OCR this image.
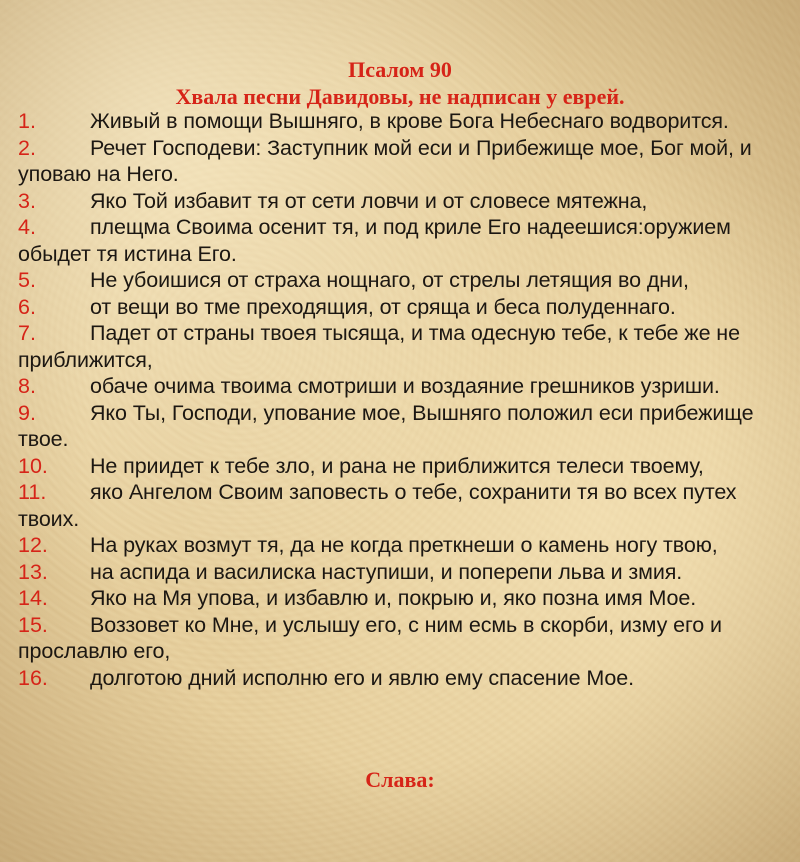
Псалом 90
Хвала песни Давидовы, не надписан у еврей.
1.	Живый в помощи Вышняго, в крове Бога Небеснаго водворится.
2.	Речет Господеви: Заступник мой еси и Прибежище мое, Бог мой, и уповаю на Него.
3.	Яко Той избавит тя от сети ловчи и от словесе мятежна,
4.	плещма Своима осенит тя, и под криле Его надеешися:оружием обыдет тя истина Его.
5.	Не убоишися от страха нощнаго, от стрелы летящия во дни,
6.	от вещи во тме преходящия, от сряща и беса полуденнаго.
7.	Падет от страны твоея тысяща, и тма одесную тебе, к тебе же не приближится,
8.	обаче очима твоима смотриши и воздаяние грешников узриши.
9.	Яко Ты, Господи, упование мое, Вышняго положил еси прибежище твое.
10. Не приидет к тебе зло, и рана не приближится телеси твоему,
11. яко Ангелом Своим заповесть о тебе, сохранити тя во всех путех твоих.
12. На руках возмут тя, да не когда преткнеши о камень ногу твою,
13. на аспида и василиска наступиши, и поперепи льва и змия.
14. Яко на Мя упова, и избавлю и, покрыю и, яко позна имя Мое.
15. Воззовет ко Мне, и услышу его, с ним есмь в скорби, изму его и прославлю его,
16. долготою дний исполню его и явлю ему спасение Мое.

Слава:
